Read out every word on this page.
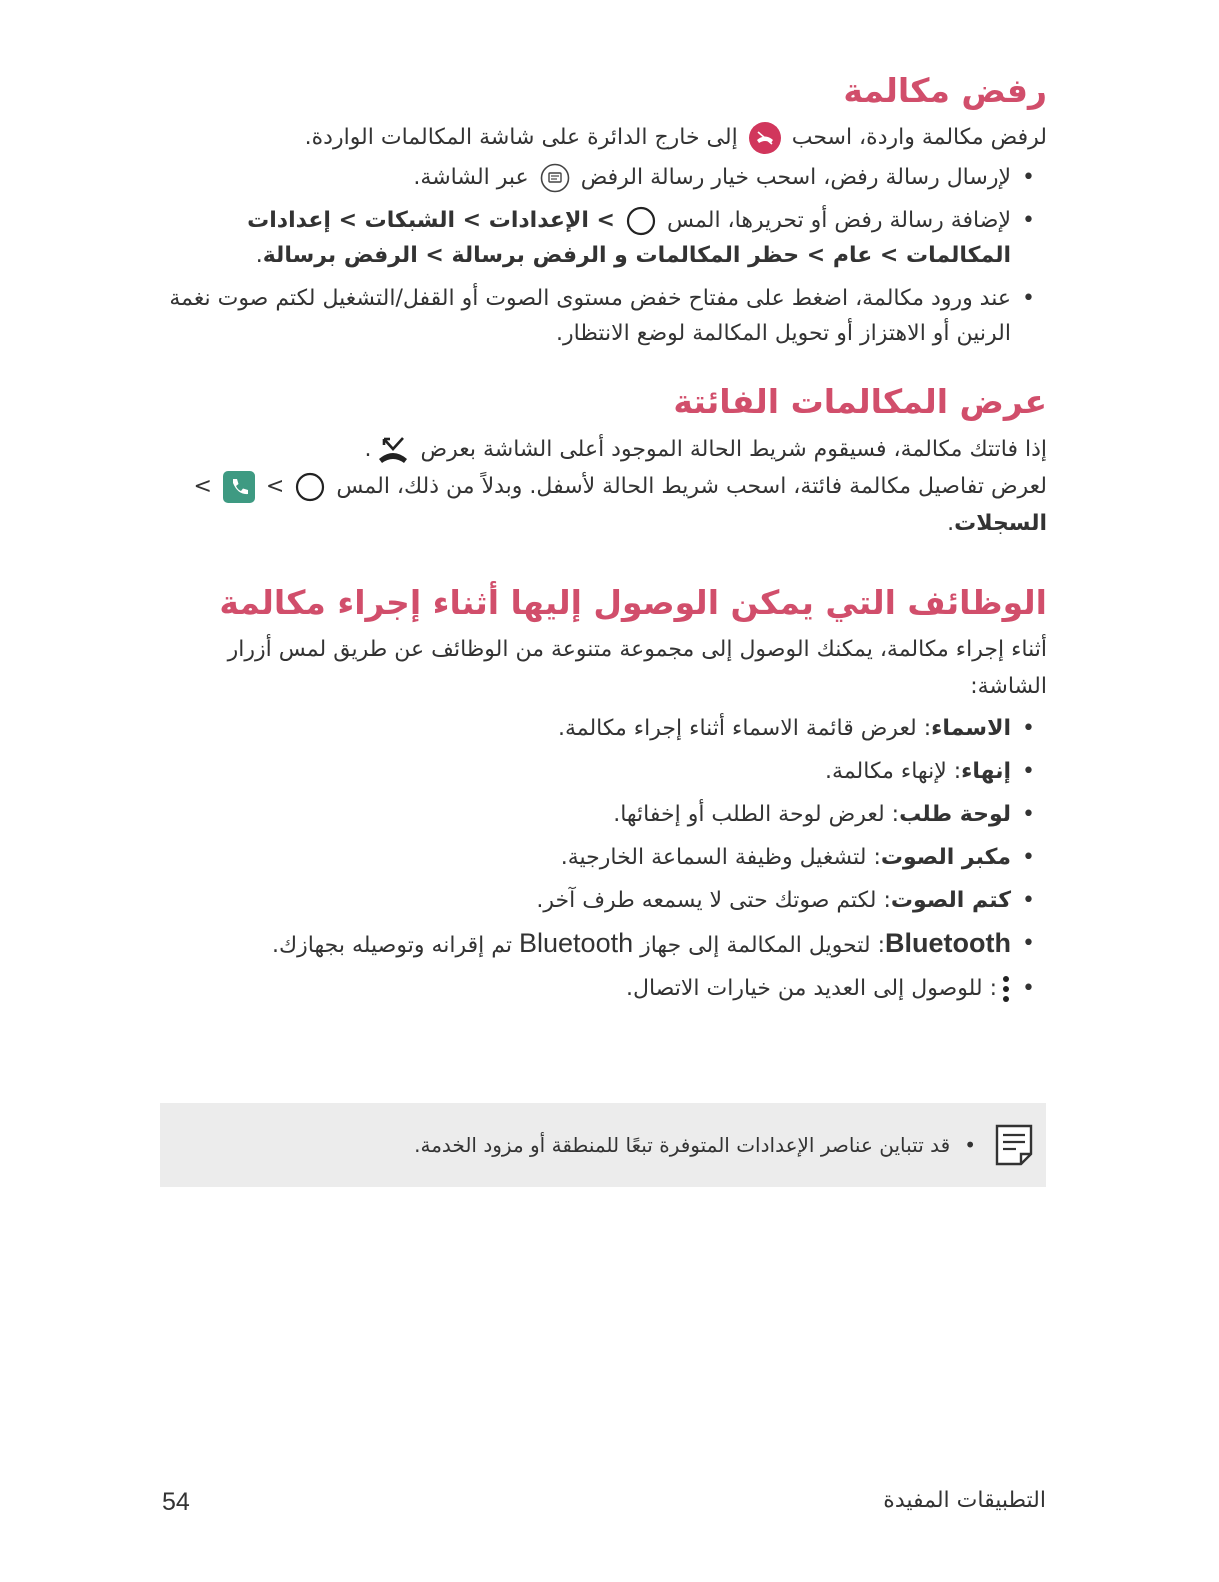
رفض مكالمة

لرفض مكالمة واردة، اسحب  إلى خارج الدائرة على شاشة المكالمات الواردة.

• لإرسال رسالة رفض، اسحب خيار رسالة الرفض  عبر الشاشة.
• لإضافة رسالة رفض أو تحريرها، المس  > الإعدادات > الشبكات > إعدادات المكالمات > عام > حظر المكالمات و الرفض برسالة > الرفض برسالة.
• عند ورود مكالمة، اضغط على مفتاح خفض مستوى الصوت أو القفل/التشغيل لكتم صوت نغمة الرنين أو الاهتزاز أو تحويل المكالمة لوضع الانتظار.
عرض المكالمات الفائتة

إذا فاتتك مكالمة، فسيقوم شريط الحالة الموجود أعلى الشاشة بعرض .

لعرض تفاصيل مكالمة فائتة، اسحب شريط الحالة لأسفل. وبدلاً من ذلك، المس  >  > السجلات.

الوظائف التي يمكن الوصول إليها أثناء إجراء مكالمة

أثناء إجراء مكالمة، يمكنك الوصول إلى مجموعة متنوعة من الوظائف عن طريق لمس أزرار الشاشة:

• الاسماء: لعرض قائمة الاسماء أثناء إجراء مكالمة.
• إنهاء: لإنهاء مكالمة.
• لوحة طلب: لعرض لوحة الطلب أو إخفائها.
• مكبر الصوت: لتشغيل وظيفة السماعة الخارجية.
• كتم الصوت: لكتم صوتك حتى لا يسمعه طرف آخر.
• Bluetooth: لتحويل المكالمة إلى جهاز Bluetooth تم إقرانه وتوصيله بجهازك.
• : للوصول إلى العديد من خيارات الاتصال.
•
قد تتباين عناصر الإعدادات المتوفرة تبعًا للمنطقة أو مزود الخدمة.
54	التطبيقات المفيدة
